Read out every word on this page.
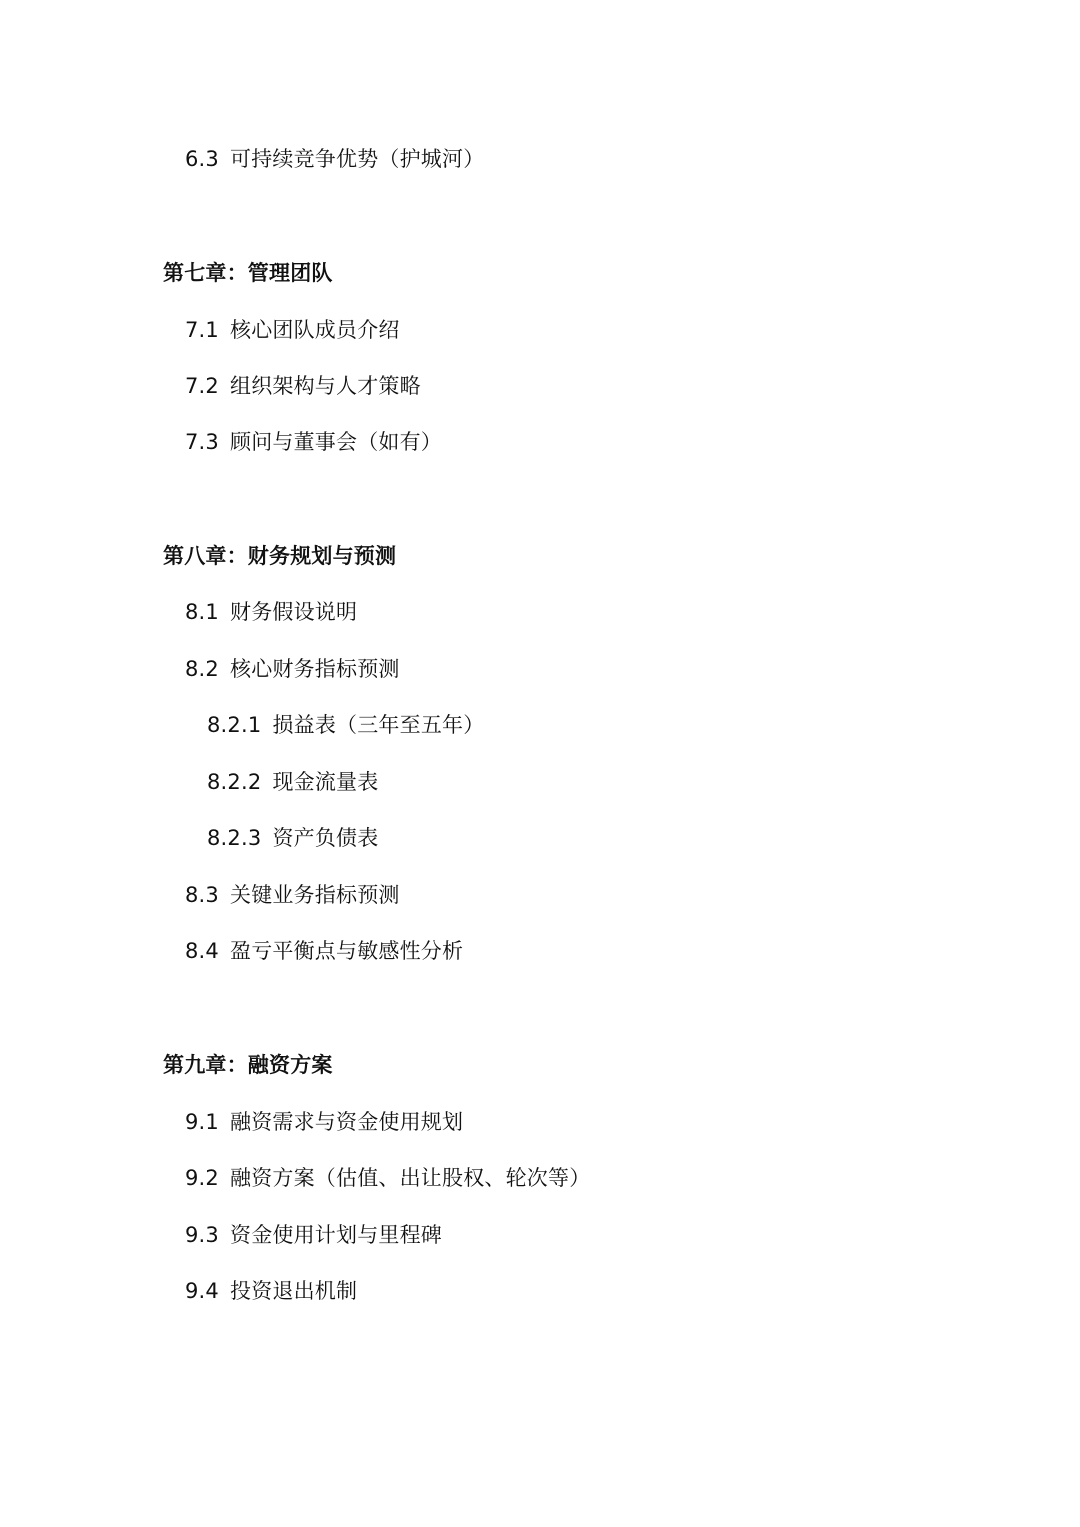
6.3 可持续竞争优势（护城河）
第七章：管理团队
7.1 核心团队成员介绍
7.2 组织架构与人才策略
7.3 顾问与董事会（如有）
第八章：财务规划与预测
8.1 财务假设说明
8.2 核心财务指标预测
8.2.1 损益表（三年至五年）
8.2.2 现金流量表
8.2.3 资产负债表
8.3 关键业务指标预测
8.4 盈亏平衡点与敏感性分析
第九章：融资方案
9.1 融资需求与资金使用规划
9.2 融资方案（估值、出让股权、轮次等）
9.3 资金使用计划与里程碑
9.4 投资退出机制
